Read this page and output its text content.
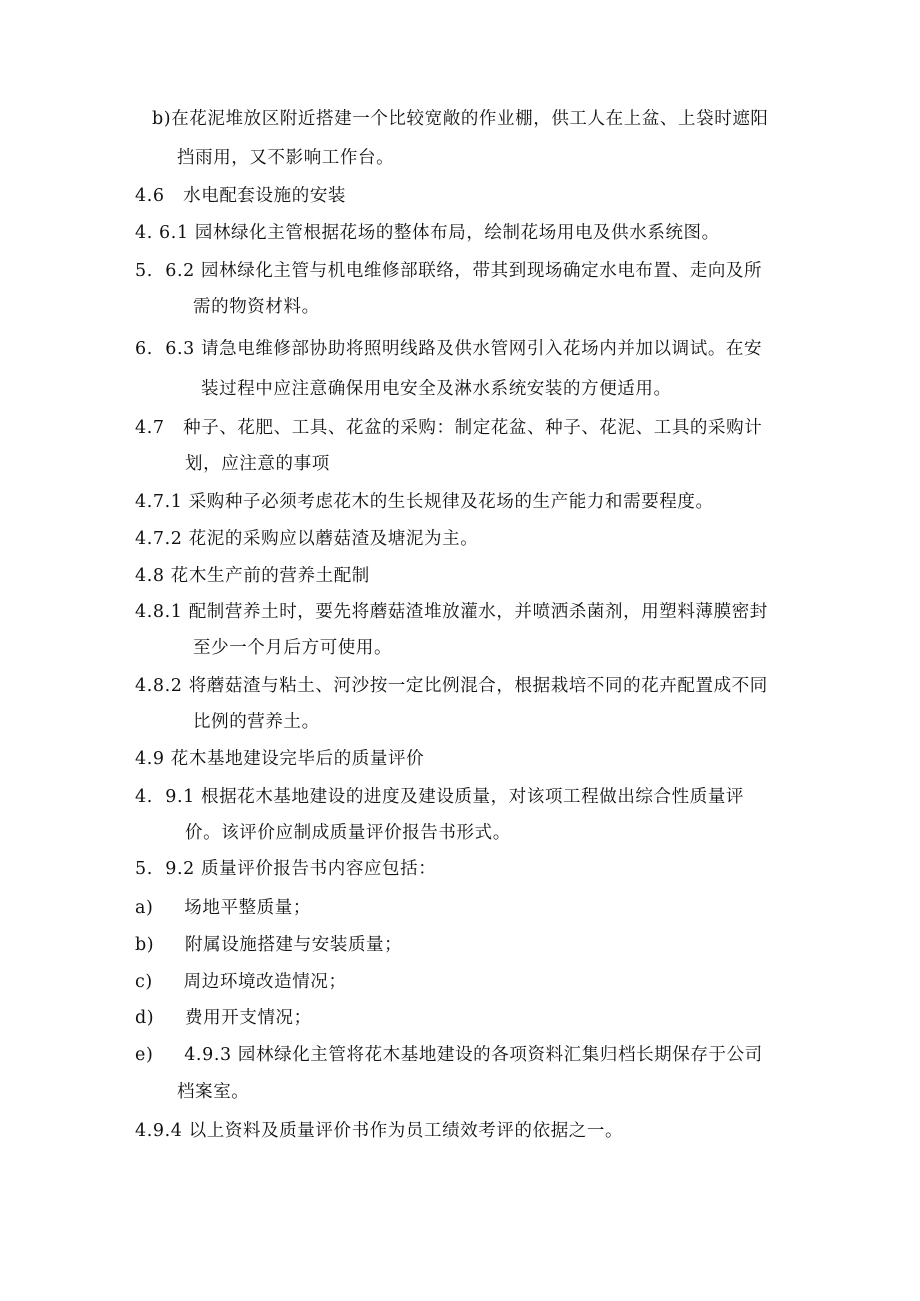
b)在花泥堆放区附近搭建一个比较宽敞的作业棚，供工人在上盆、上袋时遮阳
挡雨用，又不影响工作台。
4.6   水电配套设施的安装
4. 6.1 园林绿化主管根据花场的整体布局，绘制花场用电及供水系统图。
5.  6.2 园林绿化主管与机电维修部联络，带其到现场确定水电布置、走向及所
需的物资材料。
6.  6.3 请急电维修部协助将照明线路及供水管网引入花场内并加以调试。在安
装过程中应注意确保用电安全及淋水系统安装的方便适用。
4.7   种子、花肥、工具、花盆的采购：制定花盆、种子、花泥、工具的采购计
划，应注意的事项
4.7.1 采购种子必须考虑花木的生长规律及花场的生产能力和需要程度。
4.7.2 花泥的采购应以蘑菇渣及塘泥为主。
4.8 花木生产前的营养土配制
4.8.1 配制营养土时，要先将蘑菇渣堆放灌水，并喷洒杀菌剂，用塑料薄膜密封
至少一个月后方可使用。
4.8.2 将蘑菇渣与粘土、河沙按一定比例混合，根据栽培不同的花卉配置成不同
比例的营养土。
4.9 花木基地建设完毕后的质量评价
4.  9.1 根据花木基地建设的进度及建设质量，对该项工程做出综合性质量评
价。该评价应制成质量评价报告书形式。
5.  9.2 质量评价报告书内容应包括：
a)     场地平整质量；
b)     附属设施搭建与安装质量；
c)     周边环境改造情况；
d)     费用开支情况；
e)     4.9.3 园林绿化主管将花木基地建设的各项资料汇集归档长期保存于公司
档案室。
4.9.4 以上资料及质量评价书作为员工绩效考评的依据之一。
